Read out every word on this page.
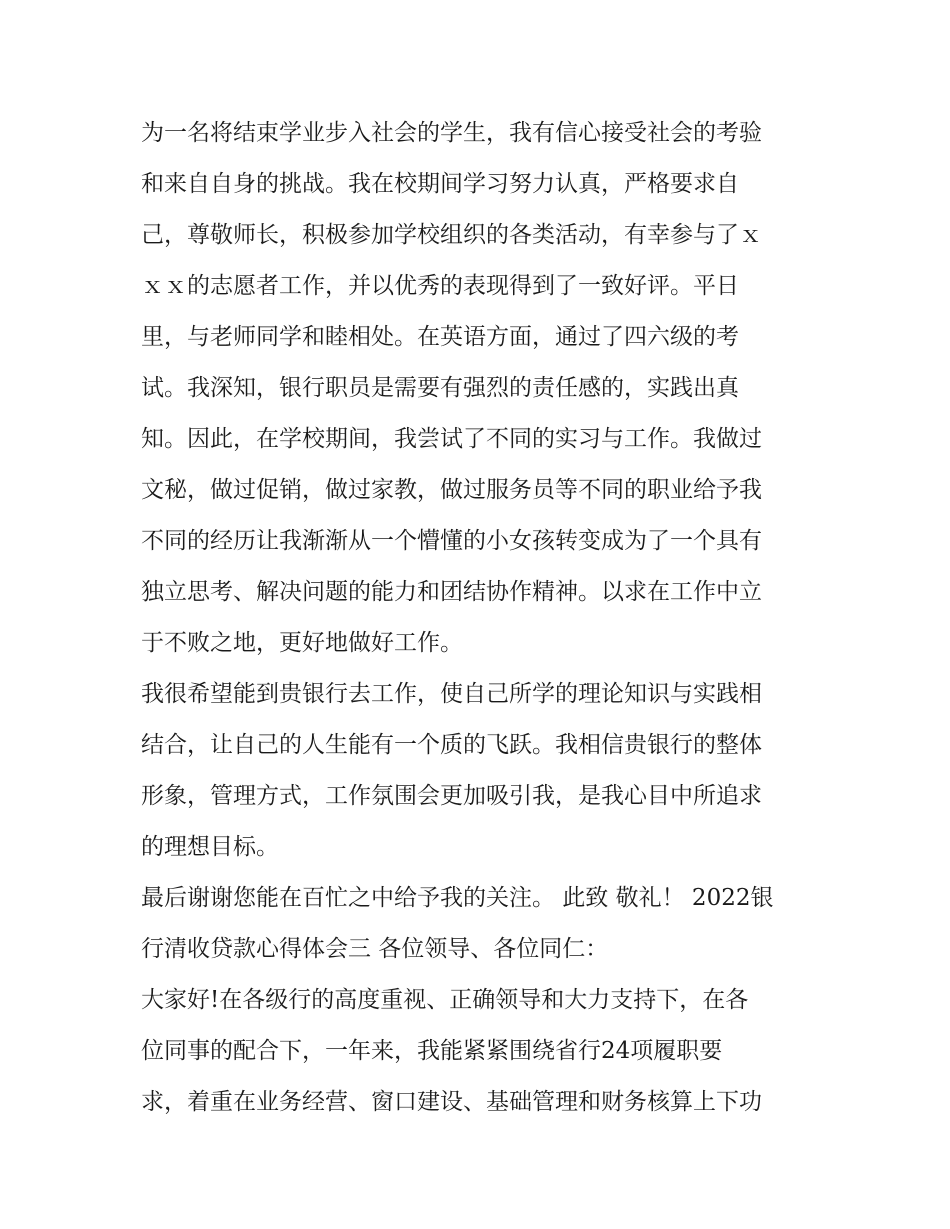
为一名将结束学业步入社会的学生，我有信心接受社会的考验
和来自自身的挑战。我在校期间学习努力认真，严格要求自
己，尊敬师长，积极参加学校组织的各类活动，有幸参与了ｘ
ｘｘ的志愿者工作，并以优秀的表现得到了一致好评。平日
里，与老师同学和睦相处。在英语方面，通过了四六级的考
试。我深知，银行职员是需要有强烈的责任感的，实践出真
知。因此，在学校期间，我尝试了不同的实习与工作。我做过
文秘，做过促销，做过家教，做过服务员等不同的职业给予我
不同的经历让我渐渐从一个懵懂的小女孩转变成为了一个具有
独立思考、解决问题的能力和团结协作精神。以求在工作中立
于不败之地，更好地做好工作。
我很希望能到贵银行去工作，使自己所学的理论知识与实践相
结合，让自己的人生能有一个质的飞跃。我相信贵银行的整体
形象，管理方式，工作氛围会更加吸引我，是我心目中所追求
的理想目标。
最后谢谢您能在百忙之中给予我的关注。 此致 敬礼！ 2022银
行清收贷款心得体会三 各位领导、各位同仁：
大家好!在各级行的高度重视、正确领导和大力支持下，在各
位同事的配合下，一年来，我能紧紧围绕省行24项履职要
求，着重在业务经营、窗口建设、基础管理和财务核算上下功
